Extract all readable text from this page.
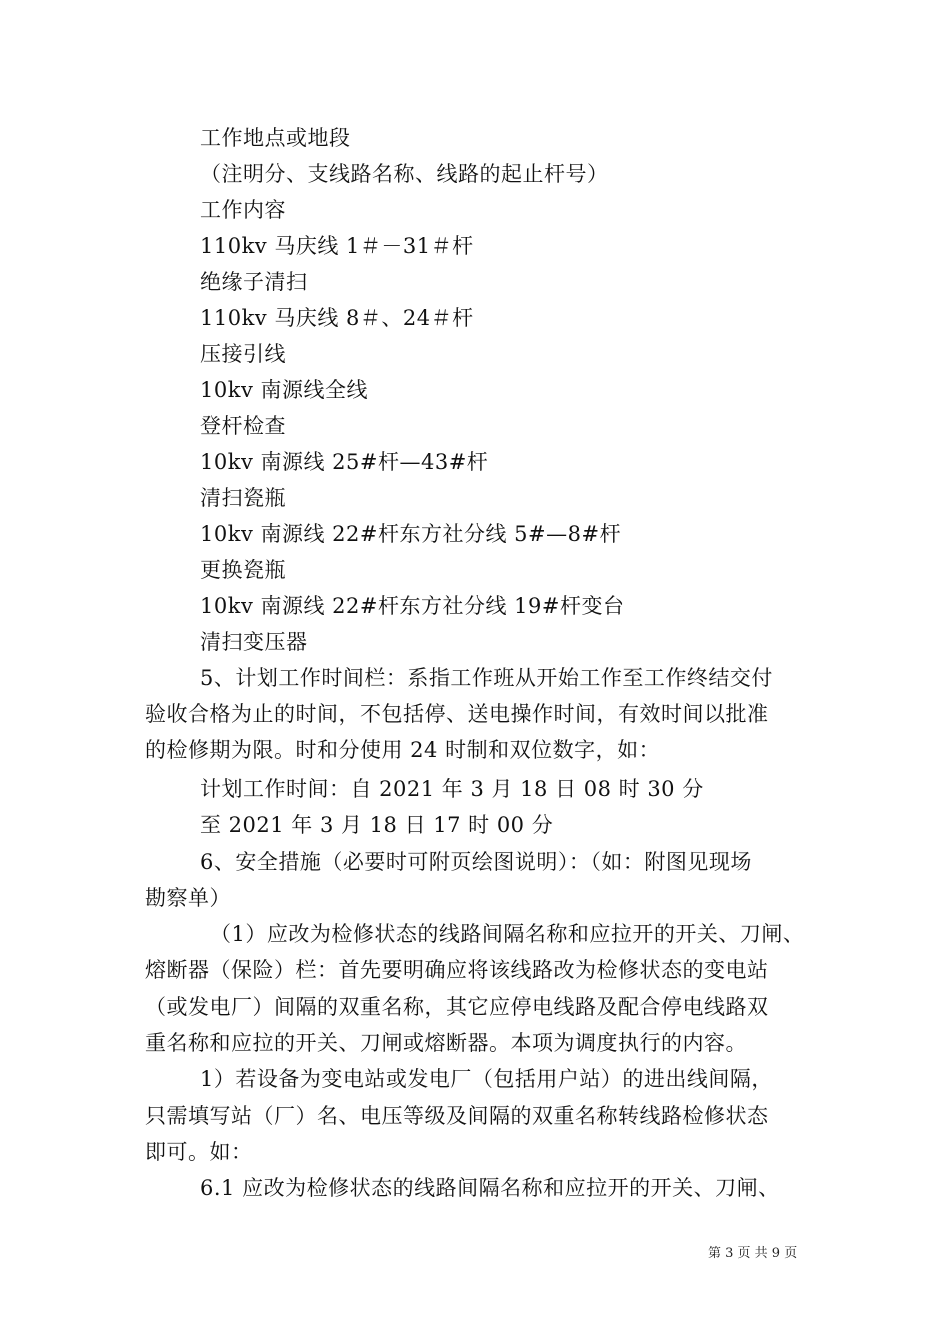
工作地点或地段
（注明分、支线路名称、线路的起止杆号）
工作内容
110kv 马庆线 1＃－31＃杆
绝缘子清扫
110kv 马庆线 8＃、24＃杆
压接引线
10kv 南源线全线
登杆检查
10kv 南源线 25#杆—43#杆
清扫瓷瓶
10kv 南源线 22#杆东方社分线 5#—8#杆
更换瓷瓶
10kv 南源线 22#杆东方社分线 19#杆变台
清扫变压器
5、计划工作时间栏：系指工作班从开始工作至工作终结交付
验收合格为止的时间，不包括停、送电操作时间，有效时间以批准
的检修期为限。时和分使用 24 时制和双位数字，如：
计划工作时间：自 2021 年 3 月 18 日 08 时 30 分
至 2021 年 3 月 18 日 17 时 00 分
6、安全措施（必要时可附页绘图说明）：（如：附图见现场
勘察单）
（1）应改为检修状态的线路间隔名称和应拉开的开关、刀闸、
熔断器（保险）栏：首先要明确应将该线路改为检修状态的变电站
（或发电厂）间隔的双重名称，其它应停电线路及配合停电线路双
重名称和应拉的开关、刀闸或熔断器。本项为调度执行的内容。
1）若设备为变电站或发电厂（包括用户站）的进出线间隔，
只需填写站（厂）名、电压等级及间隔的双重名称转线路检修状态
即可。如：
6.1 应改为检修状态的线路间隔名称和应拉开的开关、刀闸、
第 3 页 共 9 页
